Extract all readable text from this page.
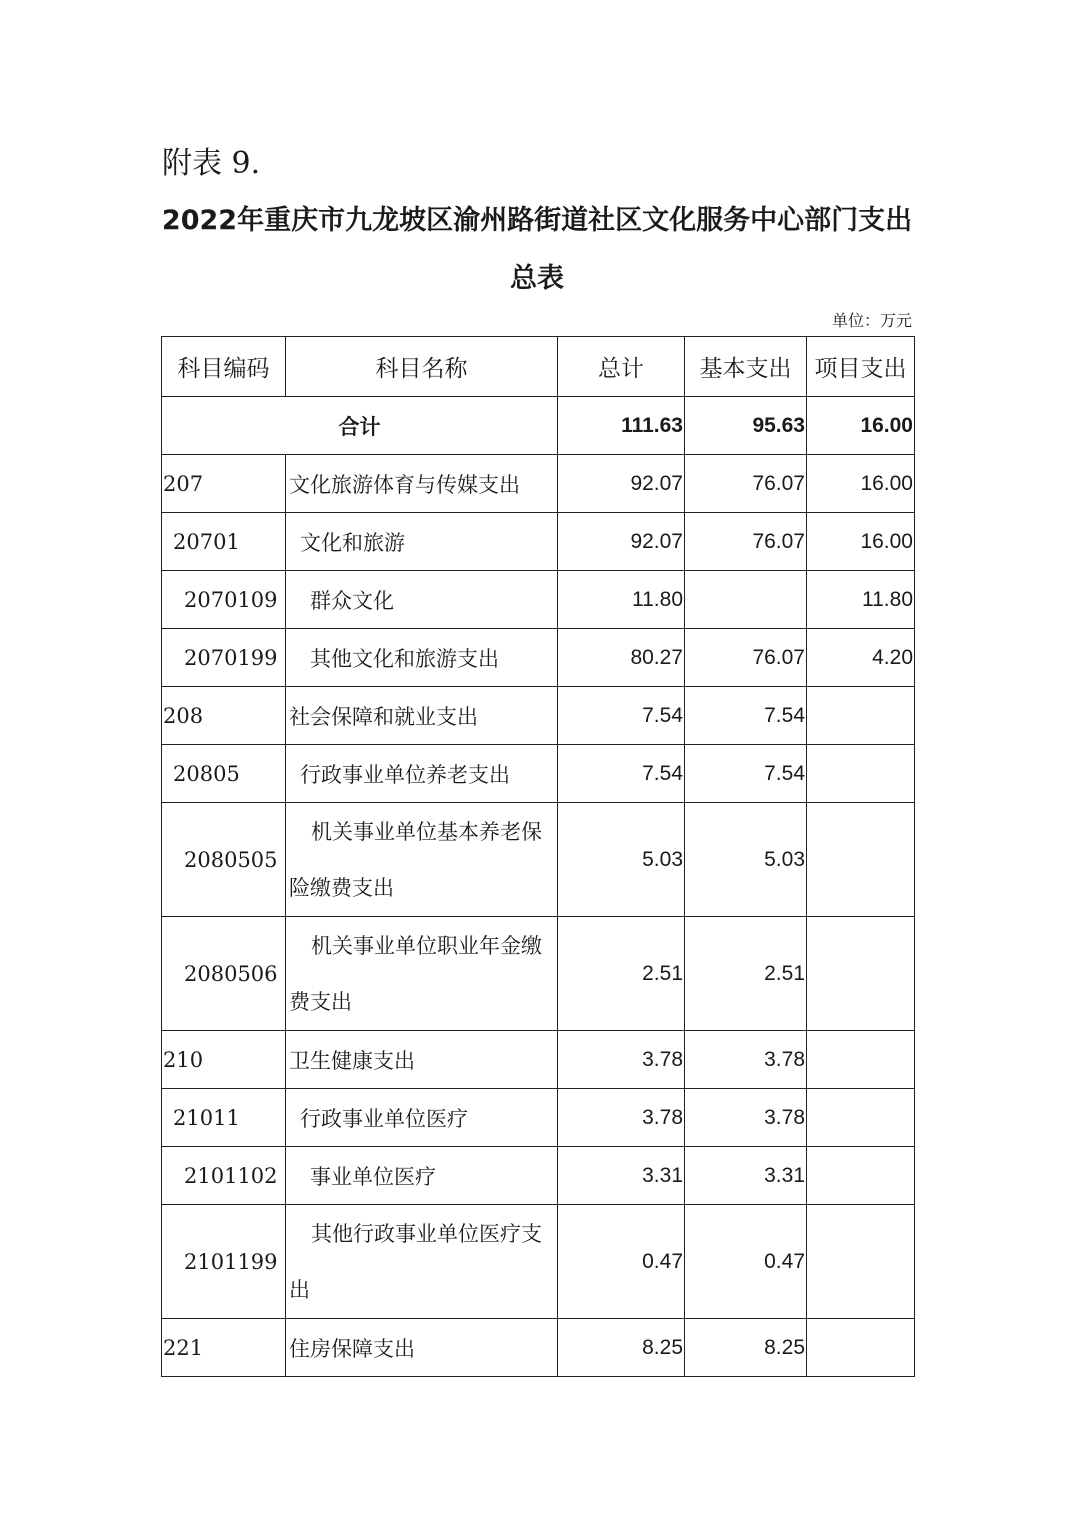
附表 9.
2022年重庆市九龙坡区渝州路街道社区文化服务中心部门支出
总表
单位：万元
科目编码	科目名称	总计	基本支出	项目支出
合计		111.63	95.63	16.00
207	文化旅游体育与传媒支出	92.07	76.07	16.00
20701	文化和旅游	92.07	76.07	16.00
2070109	群众文化	11.80		11.80
2070199	其他文化和旅游支出	80.27	76.07	4.20
208	社会保障和就业支出	7.54	7.54	
20805	行政事业单位养老支出	7.54	7.54	
2080505	机关事业单位基本养老保险缴费支出	5.03	5.03	
2080506	机关事业单位职业年金缴费支出	2.51	2.51	
210	卫生健康支出	3.78	3.78	
21011	行政事业单位医疗	3.78	3.78	
2101102	事业单位医疗	3.31	3.31	
2101199	其他行政事业单位医疗支出	0.47	0.47	
221	住房保障支出	8.25	8.25	
